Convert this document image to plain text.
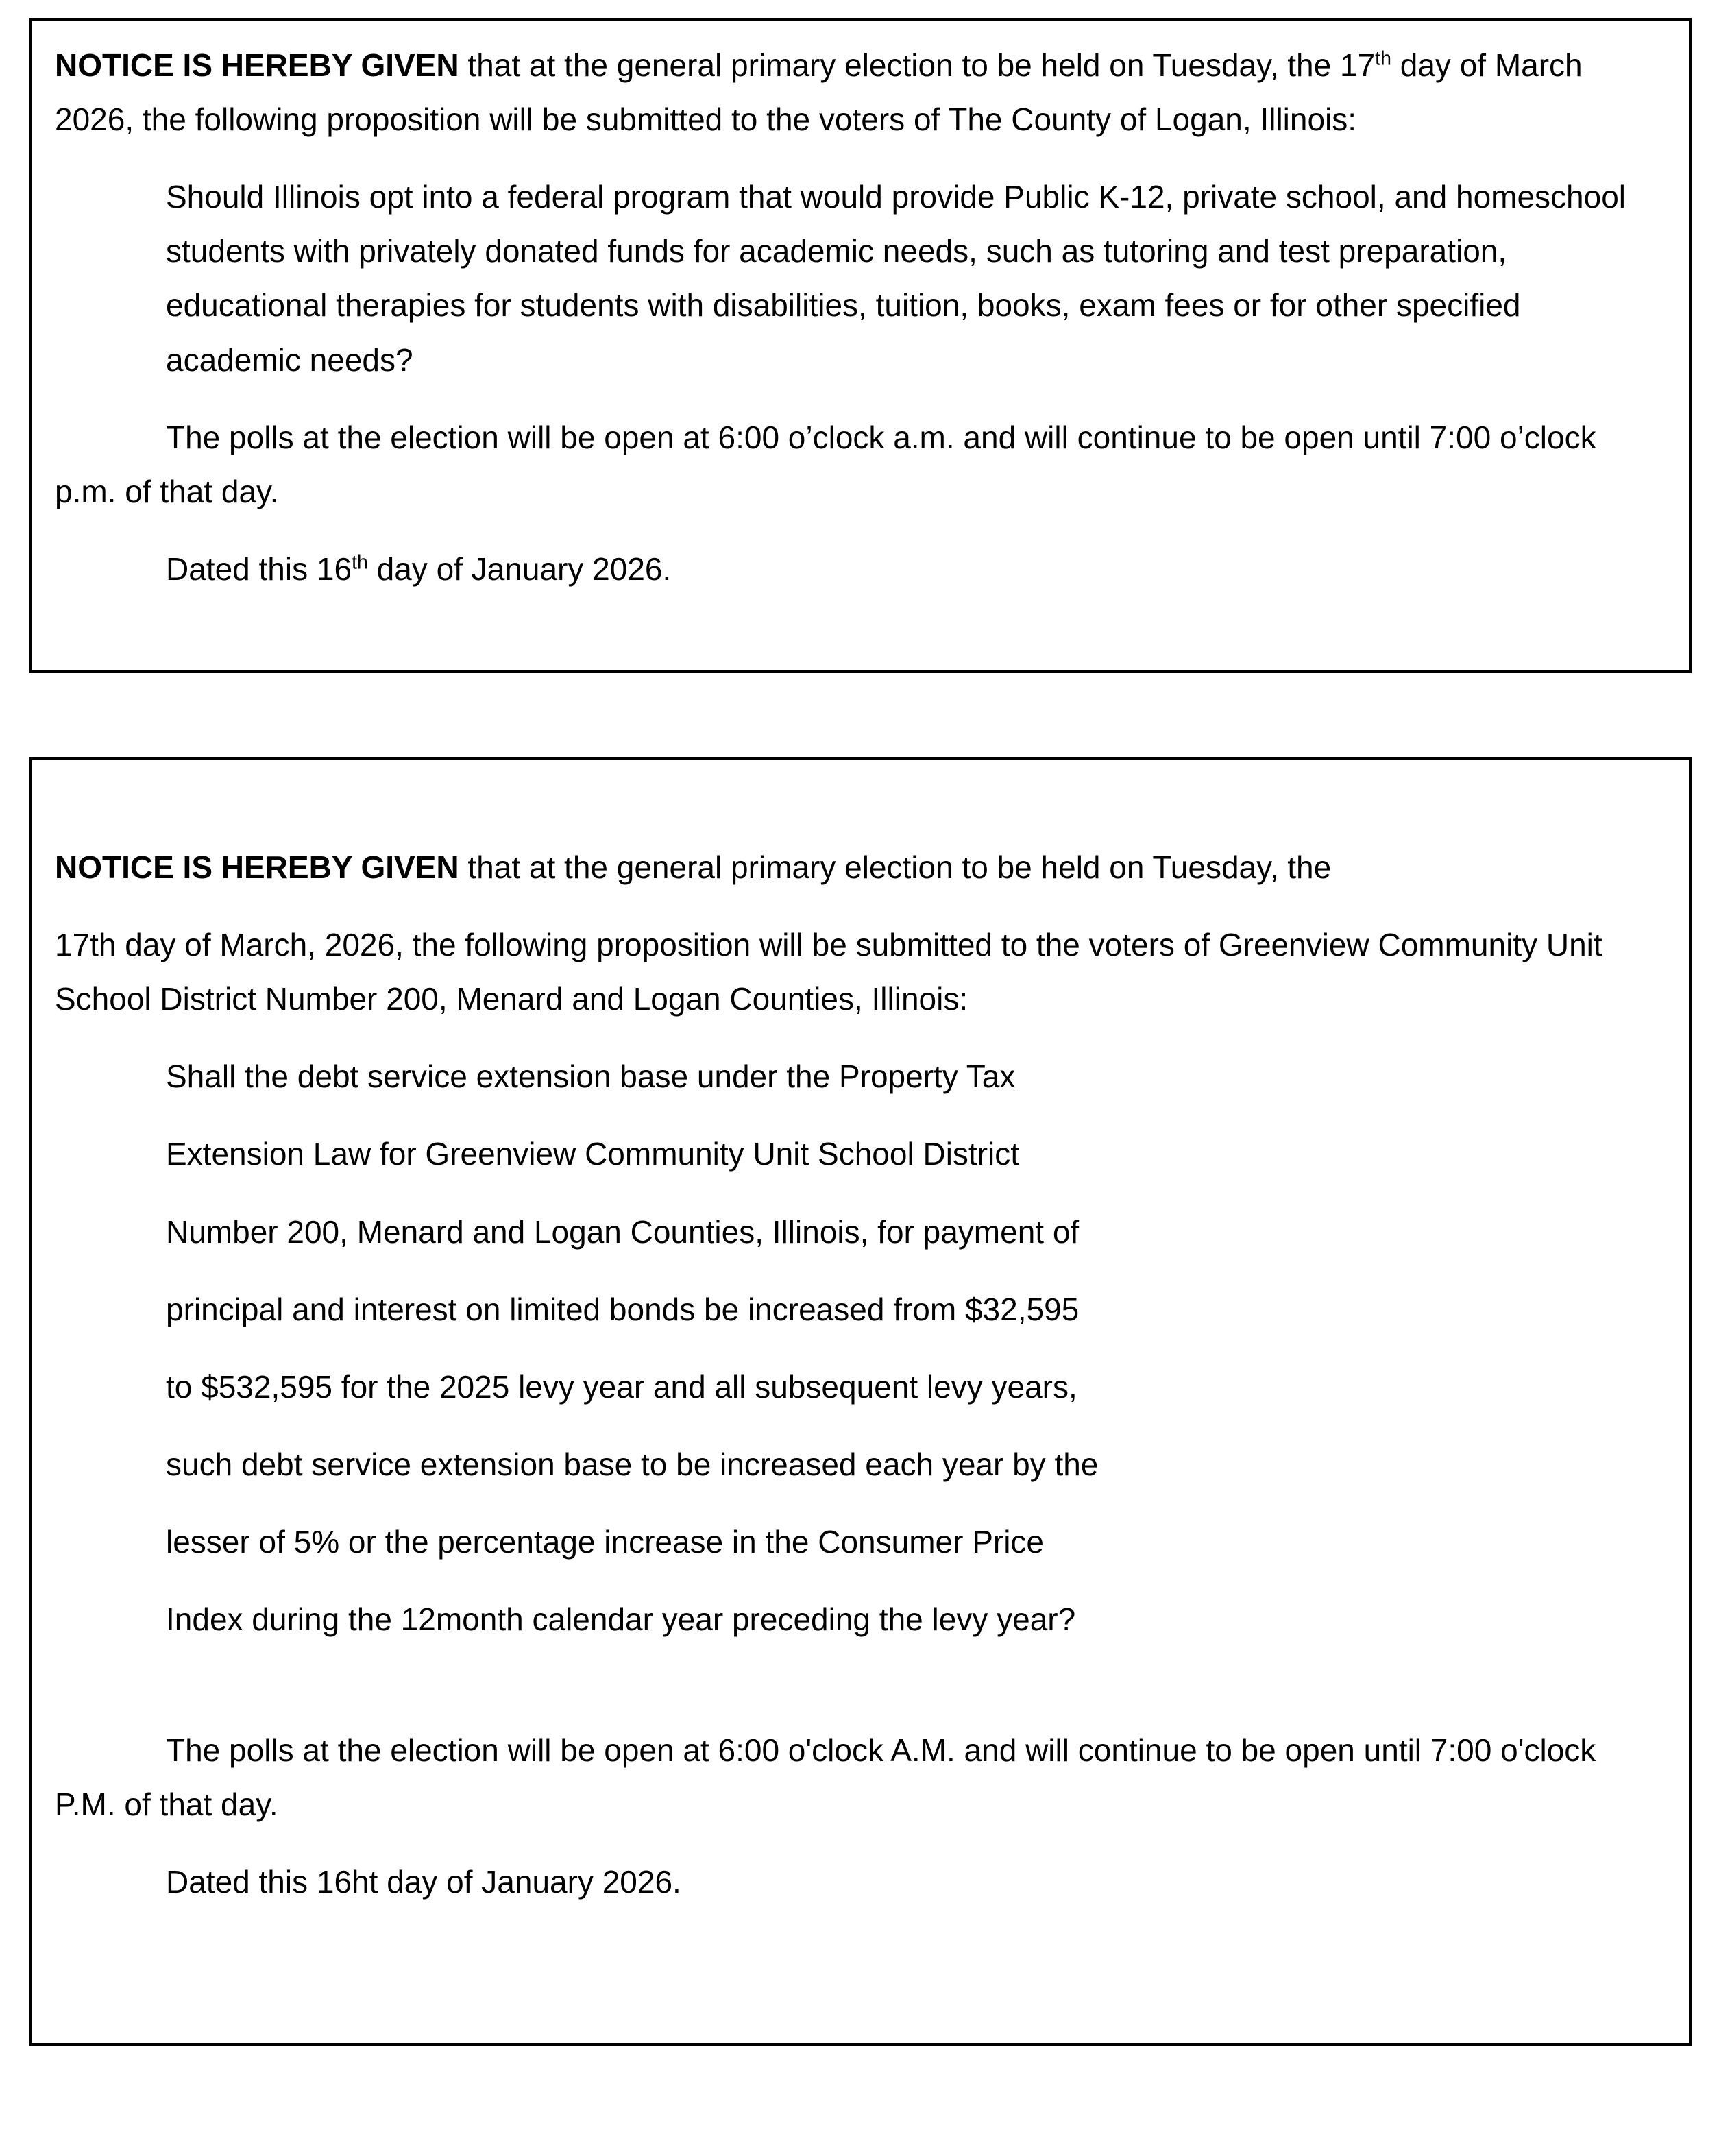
NOTICE IS HEREBY GIVEN that at the general primary election to be held on Tuesday, the 17th day of March 2026, the following proposition will be submitted to the voters of The County of Logan, Illinois:

Should Illinois opt into a federal program that would provide Public K-12, private school, and homeschool students with privately donated funds for academic needs, such as tutoring and test preparation, educational therapies for students with disabilities, tuition, books, exam fees or for other specified academic needs?

The polls at the election will be open at 6:00 o’clock a.m. and will continue to be open until 7:00 o’clock p.m. of that day.

Dated this 16th day of January 2026.

NOTICE IS HEREBY GIVEN that at the general primary election to be held on Tuesday, the

17th day of March, 2026, the following proposition will be submitted to the voters of Greenview Community Unit School District Number 200, Menard and Logan Counties, Illinois:

Shall the debt service extension base under the Property Tax
Extension Law for Greenview Community Unit School District
Number 200, Menard and Logan Counties, Illinois, for payment of
principal and interest on limited bonds be increased from $32,595
to $532,595 for the 2025 levy year and all subsequent levy years,
such debt service extension base to be increased each year by the
lesser of 5% or the percentage increase in the Consumer Price
Index during the 12month calendar year preceding the levy year?

The polls at the election will be open at 6:00 o'clock A.M. and will continue to be open until 7:00 o'clock P.M. of that day.

Dated this 16ht day of January 2026.
